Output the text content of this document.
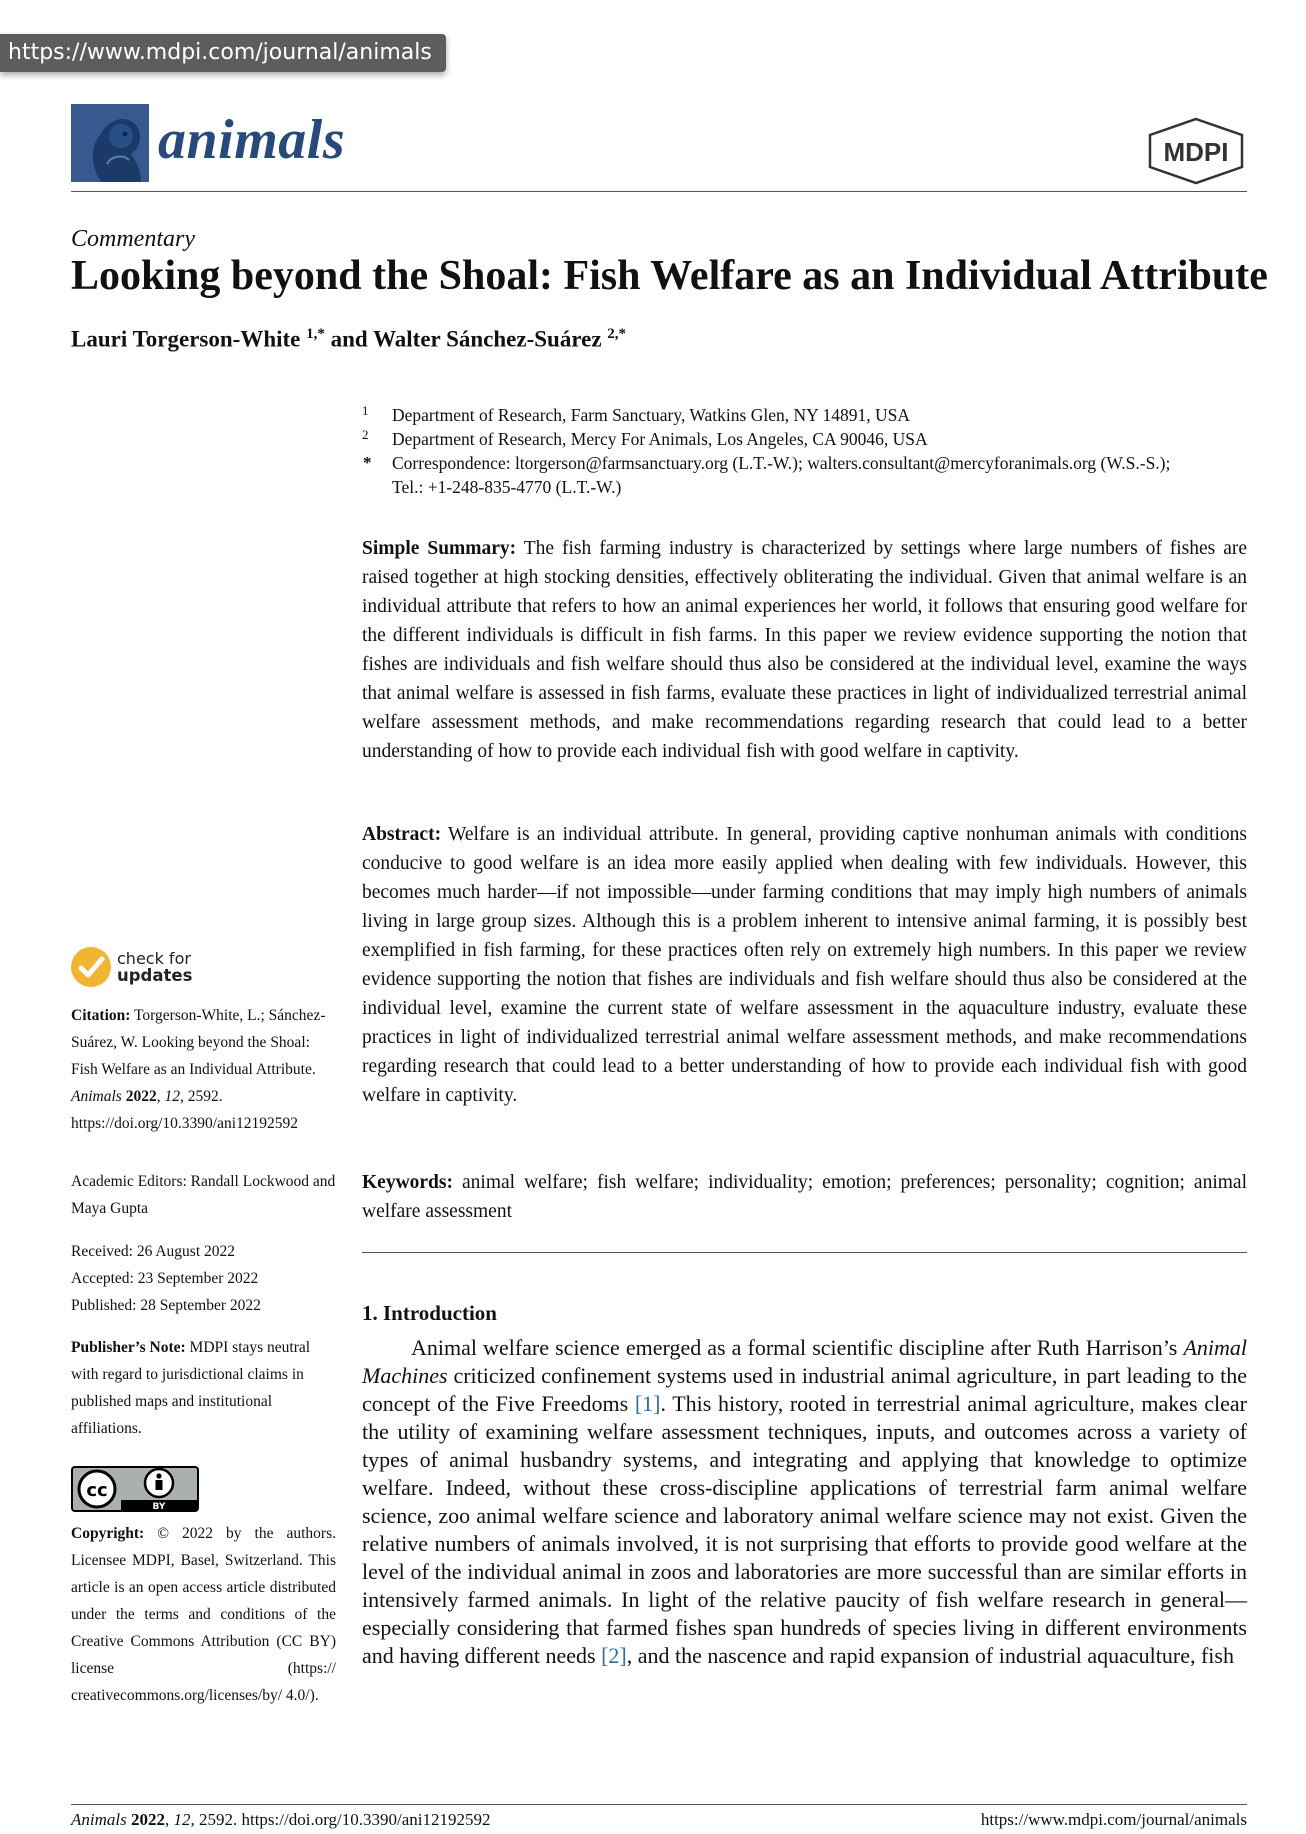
https://www.mdpi.com/journal/animals
animals	MDPI
Commentary
Looking beyond the Shoal: Fish Welfare as an Individual Attribute
Lauri Torgerson-White $^{1,*}$ and Walter Sánchez-Suárez $^{2,*}$
1 Department of Research, Farm Sanctuary, Watkins Glen, NY 14891, USA
2 Department of Research, Mercy For Animals, Los Angeles, CA 90046, USA
* Correspondence: ltorgerson@farmsanctuary.org (L.T.-W.); walters.consultant@mercyforanimals.org (W.S.-S.);
Tel.: +1-248-835-4770 (L.T.-W.)
Simple Summary: The fish farming industry is characterized by settings where large numbers of fishes are raised together at high stocking densities, effectively obliterating the individual. Given that animal welfare is an individual attribute that refers to how an animal experiences her world, it follows that ensuring good welfare for the different individuals is difficult in fish farms. In this paper we review evidence supporting the notion that fishes are individuals and fish welfare should thus also be considered at the individual level, examine the ways that animal welfare is assessed in fish farms, evaluate these practices in light of individualized terrestrial animal welfare assessment methods, and make recommendations regarding research that could lead to a better understanding of how to provide each individual fish with good welfare in captivity.
Abstract: Welfare is an individual attribute. In general, providing captive nonhuman animals with conditions conducive to good welfare is an idea more easily applied when dealing with few individuals. However, this becomes much harder—if not impossible—under farming conditions that may imply high numbers of animals living in large group sizes. Although this is a problem inherent to intensive animal farming, it is possibly best exemplified in fish farming, for these practices often rely on extremely high numbers. In this paper we review evidence supporting the notion that fishes are individuals and fish welfare should thus also be considered at the individual level, examine the current state of welfare assessment in the aquaculture industry, evaluate these practices in light of individualized terrestrial animal welfare assessment methods, and make recommendations regarding research that could lead to a better understanding of how to provide each individual fish with good welfare in captivity.
Keywords: animal welfare; fish welfare; individuality; emotion; preferences; personality; cognition; animal welfare assessment
1. Introduction
Animal welfare science emerged as a formal scientific discipline after Ruth Harrison’s Animal Machines criticized confinement systems used in industrial animal agriculture, in part leading to the concept of the Five Freedoms [1]. This history, rooted in terrestrial animal agriculture, makes clear the utility of examining welfare assessment techniques, inputs, and outcomes across a variety of types of animal husbandry systems, and integrating and applying that knowledge to optimize welfare. Indeed, without these cross-discipline applications of terrestrial farm animal welfare science, zoo animal welfare science and laboratory animal welfare science may not exist. Given the relative numbers of animals involved, it is not surprising that efforts to provide good welfare at the level of the individual animal in zoos and laboratories are more successful than are similar efforts in intensively farmed animals. In light of the relative paucity of fish welfare research in general—especially considering that farmed fishes span hundreds of species living in different environments and having different needs [2], and the nascence and rapid expansion of industrial aquaculture, fish
check for
updates
Citation: Torgerson-White, L.; Sánchez-Suárez, W. Looking beyond the Shoal: Fish Welfare as an Individual Attribute. Animals 2022, 12, 2592. https://doi.org/10.3390/ani12192592
Academic Editors: Randall Lockwood and Maya Gupta
Received: 26 August 2022
Accepted: 23 September 2022
Published: 28 September 2022
Publisher’s Note: MDPI stays neutral with regard to jurisdictional claims in published maps and institutional affiliations.
cc
BY
Copyright: © 2022 by the authors. Licensee MDPI, Basel, Switzerland. This article is an open access article distributed under the terms and conditions of the Creative Commons Attribution (CC BY) license (https:// creativecommons.org/licenses/by/ 4.0/).
Animals 2022, 12, 2592. https://doi.org/10.3390/ani12192592	https://www.mdpi.com/journal/animals
